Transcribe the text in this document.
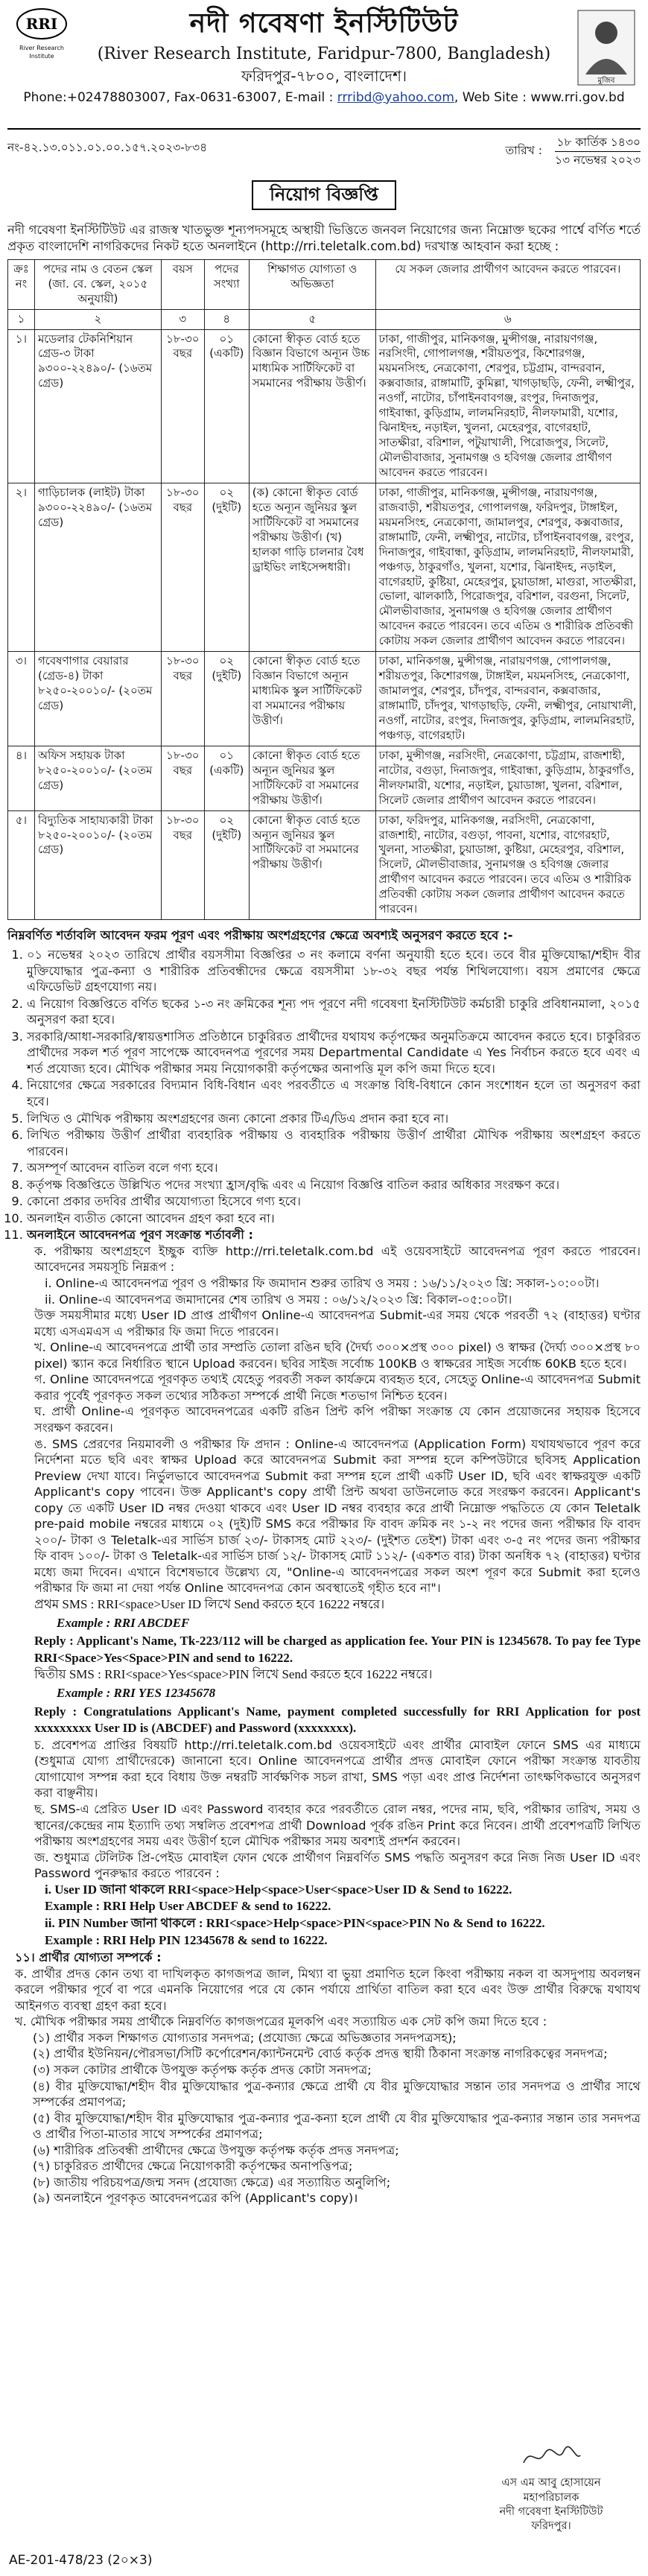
RRI
River Research Institute
মুজিব
নদী গবেষণা ইনস্টিটিউট
(River Research Institute, Faridpur-7800, Bangladesh)
ফরিদপুর-৭৮০০, বাংলাদেশ।
Phone:+02478803007, Fax-0631-63007, E-mail : rrribd@yahoo.com, Web Site : www.rri.gov.bd
নং-৪২.১৩.০১১.০১.০০.১৫৭.২০২৩-৮৩৪	তারিখ :
১৮ কার্তিক ১৪৩০
১৩ নভেম্বর ২০২৩
নিয়োগ বিজ্ঞপ্তি
নদী গবেষণা ইনস্টিটিউট এর রাজস্ব খাতভুক্ত শূন্যপদসমূহে অস্থায়ী ভিত্তিতে জনবল নিয়োগের জন্য নিম্নোক্ত ছকের পার্শ্বে বর্ণিত শর্তে প্রকৃত বাংলাদেশি নাগরিকদের নিকট হতে অনলাইনে (http://rri.teletalk.com.bd) দরখাস্ত আহবান করা হচ্ছে :
ক্রঃ নং	পদের নাম ও বেতন স্কেল (জা. বে. স্কেল, ২০১৫ অনুযায়ী)	বয়স	পদের সংখ্যা	শিক্ষাগত যোগ্যতা ও অভিজ্ঞতা	যে সকল জেলার প্রার্থীগণ আবেদন করতে পারবেন।
১	২	৩	৪	৫	৬
১।	মডেলার টেকনিশিয়ান গ্রেড-৩ টাকা ৯৩০০-২২৪৯০/- (১৬তম গ্রেড)	১৮-৩০ বছর	০১ (একটি)	কোনো স্বীকৃত বোর্ড হতে বিজ্ঞান বিভাগে অন্যূন উচ্চ মাধ্যমিক সার্টিফিকেট বা সমমানের পরীক্ষায় উত্তীর্ণ।	ঢাকা, গাজীপুর, মানিকগঞ্জ, মুন্সীগঞ্জ, নারায়ণগঞ্জ, নরসিংদী, গোপালগঞ্জ, শরীয়তপুর, কিশোরগঞ্জ, ময়মনসিংহ, নেত্রকোণা, শেরপুর, চট্টগ্রাম, বান্দরবান, কক্সবাজার, রাঙ্গামাটি, কুমিল্লা, খাগড়াছড়ি, ফেনী, লক্ষ্মীপুর, নওগাঁ, নাটোর, চাঁপাইনবাবগঞ্জ, রংপুর, দিনাজপুর, গাইবান্ধা, কুড়িগ্রাম, লালমনিরহাট, নীলফামারী, যশোর, ঝিনাইদহ, নড়াইল, খুলনা, মেহেরপুর, বাগেরহাট, সাতক্ষীরা, বরিশাল, পটুয়াখালী, পিরোজপুর, সিলেট, মৌলভীবাজার, সুনামগঞ্জ ও হবিগঞ্জ জেলার প্রার্থীগণ আবেদন করতে পারবেন।
২।	গাড়িচালক (লাইট) টাকা ৯৩০০-২২৪৯০/- (১৬তম গ্রেড)	১৮-৩০ বছর	০২ (দুইটি)	(ক) কোনো স্বীকৃত বোর্ড হতে অন্যূন জুনিয়র স্কুল সার্টিফিকেট বা সমমানের পরীক্ষায় উত্তীর্ণ। (খ) হালকা গাড়ি চালনার বৈধ ড্রাইভিং লাইসেন্সধারী।	ঢাকা, গাজীপুর, মানিকগঞ্জ, মুন্সীগঞ্জ, নারায়ণগঞ্জ, রাজবাড়ী, শরীয়তপুর, গোপালগঞ্জ, ফরিদপুর, টাঙ্গাইল, ময়মনসিংহ, নেত্রকোণা, জামালপুর, শেরপুর, কক্সবাজার, রাঙ্গামাটি, ফেনী, লক্ষ্মীপুর, নাটোর, চাঁপাইনবাবগঞ্জ, রংপুর, দিনাজপুর, গাইবান্ধা, কুড়িগ্রাম, লালমনিরহাট, নীলফামারী, পঞ্চগড়, ঠাকুরগাঁও, খুলনা, যশোর, ঝিনাইদহ, নড়াইল, বাগেরহাট, কুষ্টিয়া, মেহেরপুর, চুয়াডাঙ্গা, মাগুরা, সাতক্ষীরা, ভোলা, ঝালকাঠি, পিরোজপুর, বরিশাল, বরগুনা, সিলেট, মৌলভীবাজার, সুনামগঞ্জ ও হবিগঞ্জ জেলার প্রার্থীগণ আবেদন করতে পারবেন। তবে এতিম ও শারীরিক প্রতিবন্ধী কোটায় সকল জেলার প্রার্থীগণ আবেদন করতে পারবেন।
৩।	গবেষণাগার বেয়ারার (গ্রেড-৪) টাকা ৮২৫০-২০০১০/- (২০তম গ্রেড)	১৮-৩০ বছর	০২ (দুইটি)	কোনো স্বীকৃত বোর্ড হতে বিজ্ঞান বিভাগে অন্যূন মাধ্যমিক স্কুল সার্টিফিকেট বা সমমানের পরীক্ষায় উত্তীর্ণ।	ঢাকা, মানিকগঞ্জ, মুন্সীগঞ্জ, নারায়ণগঞ্জ, গোপালগঞ্জ, শরীয়তপুর, কিশোরগঞ্জ, টাঙ্গাইল, ময়মনসিংহ, নেত্রকোণা, জামালপুর, শেরপুর, চাঁদপুর, বান্দরবান, কক্সবাজার, রাঙ্গামাটি, চাঁদপুর, খাগড়াছড়ি, ফেনী, লক্ষ্মীপুর, নোয়াখালী, নওগাঁ, নাটোর, রংপুর, দিনাজপুর, কুড়িগ্রাম, লালমনিরহাট, পঞ্চগড়, বাগেরহাট।
৪।	অফিস সহায়ক টাকা ৮২৫০-২০০১০/- (২০তম গ্রেড)	১৮-৩০ বছর	০১ (একটি)	কোনো স্বীকৃত বোর্ড হতে অন্যূন জুনিয়র স্কুল সার্টিফিকেট বা সমমানের পরীক্ষায় উত্তীর্ণ।	ঢাকা, মুন্সীগঞ্জ, নরসিংদী, নেত্রকোণা, চট্টগ্রাম, রাজশাহী, নাটোর, বগুড়া, দিনাজপুর, গাইবান্ধা, কুড়িগ্রাম, ঠাকুরগাঁও, নীলফামারী, যশোর, নড়াইল, চুয়াডাঙ্গা, খুলনা, বরিশাল, সিলেট জেলার প্রার্থীগণ আবেদন করতে পারবেন।
৫।	বিদ্যুতিক সাহায্যকারী টাকা ৮২৫০-২০০১০/- (২০তম গ্রেড)	১৮-৩০ বছর	০২ (দুইটি)	কোনো স্বীকৃত বোর্ড হতে অন্যূন জুনিয়র স্কুল সার্টিফিকেট বা সমমানের পরীক্ষায় উত্তীর্ণ।	ঢাকা, ফরিদপুর, মানিকগঞ্জ, নরসিংদী, নেত্রকোণা, রাজশাহী, নাটোর, বগুড়া, পাবনা, যশোর, বাগেরহাট, খুলনা, সাতক্ষীরা, চুয়াডাঙ্গা, কুষ্টিয়া, মেহেরপুর, বরিশাল, সিলেট, মৌলভীবাজার, সুনামগঞ্জ ও হবিগঞ্জ জেলার প্রার্থীগণ আবেদন করতে পারবেন। তবে এতিম ও শারীরিক প্রতিবন্ধী কোটায় সকল জেলার প্রার্থীগণ আবেদন করতে পারবেন।
নিম্নবর্ণিত শর্তাবলি আবেদন ফরম পূরণ এবং পরীক্ষায় অংশগ্রহণের ক্ষেত্রে অবশ্যই অনুসরণ করতে হবে :-
1. ০১ নভেম্বর ২০২৩ তারিখে প্রার্থীর বয়সসীমা বিজ্ঞপ্তির ৩ নং কলামে বর্ণনা অনুযায়ী হতে হবে। তবে বীর মুক্তিযোদ্ধা/শহীদ বীর মুক্তিযোদ্ধার পুত্র-কন্যা ও শারীরিক প্রতিবন্ধীদের ক্ষেত্রে বয়সসীমা ১৮-৩২ বছর পর্যন্ত শিথিলযোগ্য। বয়স প্রমাণের ক্ষেত্রে এফিডেভিট গ্রহণযোগ্য নয়।
2. এ নিয়োগ বিজ্ঞপ্তিতে বর্ণিত ছকের ১-৩ নং ক্রমিকের শূন্য পদ পূরণে নদী গবেষণা ইনস্টিটিউট কর্মচারী চাকুরি প্রবিধানমালা, ২০১৫ অনুসরণ করা হবে।
3. সরকারি/আধা-সরকারি/স্বায়ত্তশাসিত প্রতিষ্ঠানে চাকুরিরত প্রার্থীদের যথাযথ কর্তৃপক্ষের অনুমতিক্রমে আবেদন করতে হবে। চাকুরিরত প্রার্থীদের সকল শর্ত পূরণ সাপেক্ষে আবেদনপত্র পূরণের সময় Departmental Candidate এ Yes নির্বাচন করতে হবে এবং এ শর্ত প্রযোজ্য হবে। মৌখিক পরীক্ষার সময় নিয়োগকারী কর্তৃপক্ষের অনাপত্তি মূল কপি জমা দিতে হবে।
4. নিয়োগের ক্ষেত্রে সরকারের বিদ্যমান বিধি-বিধান এবং পরবর্তীতে এ সংক্রান্ত বিধি-বিধানে কোন সংশোধন হলে তা অনুসরণ করা হবে।
5. লিখিত ও মৌখিক পরীক্ষায় অংশগ্রহণের জন্য কোনো প্রকার টিএ/ডিএ প্রদান করা হবে না।
6. লিখিত পরীক্ষায় উত্তীর্ণ প্রার্থীরা ব্যবহারিক পরীক্ষায় ও ব্যবহারিক পরীক্ষায় উত্তীর্ণ প্রার্থীরা মৌখিক পরীক্ষায় অংশগ্রহণ করতে পারবেন।
7. অসম্পূর্ণ আবেদন বাতিল বলে গণ্য হবে।
8. কর্তৃপক্ষ বিজ্ঞপ্তিতে উল্লিখিত পদের সংখ্যা হ্রাস/বৃদ্ধি এবং এ নিয়োগ বিজ্ঞপ্তি বাতিল করার অধিকার সংরক্ষণ করে।
9. কোনো প্রকার তদবির প্রার্থীর অযোগ্যতা হিসেবে গণ্য হবে।
10. অনলাইন ব্যতীত কোনো আবেদন গ্রহণ করা হবে না।
11. অনলাইনে আবেদনপত্র পূরণ সংক্রান্ত শর্তাবলী :
ক. পরীক্ষায় অংশগ্রহণে ইচ্ছুক ব্যক্তি http://rri.teletalk.com.bd এই ওয়েবসাইটে আবেদনপত্র পূরণ করতে পারবেন। আবেদনের সময়সূচি নিম্নরূপ :
i. Online-এ আবেদনপত্র পূরণ ও পরীক্ষার ফি জমাদান শুরুর তারিখ ও সময় : ১৬/১১/২০২৩ খ্রি: সকাল-১০:০০টা।
ii. Online-এ আবেদনপত্র জমাদানের শেষ তারিখ ও সময় : ০৬/১২/২০২৩ খ্রি: বিকাল-০৫:০০টা।
উক্ত সময়সীমার মধ্যে User ID প্রাপ্ত প্রার্থীগণ Online-এ আবেদনপত্র Submit-এর সময় থেকে পরবর্তী ৭২ (বাহাত্তর) ঘণ্টার মধ্যে এসএমএস এ পরীক্ষার ফি জমা দিতে পারবেন।
খ. Online-এ আবেদনপত্রে প্রার্থী তার সম্প্রতি তোলা রঙিন ছবি (দৈর্ঘ্য ৩০০×প্রস্থ ৩০০ pixel) ও স্বাক্ষর (দৈর্ঘ্য ৩০০×প্রস্থ ৮০ pixel) স্ক্যান করে নির্ধারিত স্থানে Upload করবেন। ছবির সাইজ সর্বোচ্চ 100KB ও স্বাক্ষরের সাইজ সর্বোচ্চ 60KB হতে হবে।
গ. Online আবেদনপত্রে পূরণকৃত তথ্যই যেহেতু পরবর্তী সকল কার্যক্রমে ব্যবহৃত হবে, সেহেতু Online-এ আবেদনপত্র Submit করার পূর্বেই পূরণকৃত সকল তথ্যের সঠিকতা সম্পর্কে প্রার্থী নিজে শতভাগ নিশ্চিত হবেন।
ঘ. প্রার্থী Online-এ পূরণকৃত আবেদনপত্রের একটি রঙিন প্রিন্ট কপি পরীক্ষা সংক্রান্ত যে কোন প্রয়োজনের সহায়ক হিসেবে সংরক্ষণ করবেন।
ঙ. SMS প্রেরণের নিয়মাবলী ও পরীক্ষার ফি প্রদান : Online-এ আবেদনপত্র (Application Form) যথাযথভাবে পূরণ করে নির্দেশনা মতে ছবি এবং স্বাক্ষর Upload করে আবেদনপত্র Submit করা সম্পন্ন হলে কম্পিউটারে ছবিসহ Application Preview দেখা যাবে। নির্ভুলভাবে আবেদনপত্র Submit করা সম্পন্ন হলে প্রার্থী একটি User ID, ছবি এবং স্বাক্ষরযুক্ত একটি Applicant's copy পাবেন। উক্ত Applicant's copy প্রার্থী প্রিন্ট অথবা ডাউনলোড করে সংরক্ষণ করবেন। Applicant's copy তে একটি User ID নম্বর দেওয়া থাকবে এবং User ID নম্বর ব্যবহার করে প্রার্থী নিম্নোক্ত পদ্ধতিতে যে কোন Teletalk pre-paid mobile নম্বরের মাধ্যমে ০২ (দুই)টি SMS করে পরীক্ষার ফি বাবদ ক্রমিক নং ১-২ নং পদের জন্য পরীক্ষার ফি বাবদ ২০০/- টাকা ও Teletalk-এর সার্ভিস চার্জ ২৩/- টাকাসহ মোট ২২৩/- (দুইশত তেইশ) টাকা এবং ৩-৫ নং পদের জন্য পরীক্ষার ফি বাবদ ১০০/- টাকা ও Teletalk-এর সার্ভিস চার্জ ১২/- টাকাসহ মোট ১১২/- (একশত বার) টাকা অনধিক ৭২ (বাহাত্তর) ঘণ্টার মধ্যে জমা দিবেন। এখানে বিশেষভাবে উল্লেখ্য যে, "Online-এ আবেদনপত্রের সকল অংশ পূরণ করে Submit করা হলেও পরীক্ষার ফি জমা না দেয়া পর্যন্ত Online আবেদনপত্র কোন অবস্থাতেই গৃহীত হবে না"।
প্রথম SMS : RRI<space>User ID লিখে Send করতে হবে 16222 নম্বরে।
Example : RRI ABCDEF
Reply : Applicant's Name, Tk-223/112 will be charged as application fee. Your PIN is 12345678. To pay fee Type RRI<Space>Yes<Space>PIN and send to 16222.
দ্বিতীয় SMS : RRI<space>Yes<space>PIN লিখে Send করতে হবে 16222 নম্বরে।
Example : RRI YES 12345678
Reply : Congratulations Applicant's Name, payment completed successfully for RRI Application for post xxxxxxxxx User ID is (ABCDEF) and Password (xxxxxxxx).
চ. প্রবেশপত্র প্রাপ্তির বিষয়টি http://rri.teletalk.com.bd ওয়েবসাইটে এবং প্রার্থীর মোবাইল ফোনে SMS এর মাধ্যমে (শুধুমাত্র যোগ্য প্রার্থীদেরকে) জানানো হবে। Online আবেদনপত্রে প্রার্থীর প্রদত্ত মোবাইল ফোনে পরীক্ষা সংক্রান্ত যাবতীয় যোগাযোগ সম্পন্ন করা হবে বিধায় উক্ত নম্বরটি সার্বক্ষণিক সচল রাখা, SMS পড়া এবং প্রাপ্ত নির্দেশনা তাৎক্ষণিকভাবে অনুসরণ করা বাঞ্ছনীয়।
ছ. SMS-এ প্রেরিত User ID এবং Password ব্যবহার করে পরবর্তীতে রোল নম্বর, পদের নাম, ছবি, পরীক্ষার তারিখ, সময় ও স্থানের/কেন্দ্রের নাম ইত্যাদি তথ্য সম্বলিত প্রবেশপত্র প্রার্থী Download পূর্বক রঙিন Print করে নিবেন। প্রার্থী প্রবেশপত্রটি লিখিত পরীক্ষায় অংশগ্রহণের সময় এবং উত্তীর্ণ হলে মৌখিক পরীক্ষার সময় অবশ্যই প্রদর্শন করবেন।
জ. শুধুমাত্র টেলিটক প্রি-পেইড মোবাইল ফোন থেকে প্রার্থীগণ নিম্নবর্ণিত SMS পদ্ধতি অনুসরণ করে নিজ নিজ User ID এবং Password পুনরুদ্ধার করতে পারবেন :
i. User ID জানা থাকলে RRI<space>Help<space>User<space>User ID & Send to 16222.
Example : RRI Help User ABCDEF & send to 16222.
ii. PIN Number জানা থাকলে : RRI<space>Help<space>PIN<space>PIN No & Send to 16222.
Example : RRI Help PIN 12345678 & send to 16222.
১১। প্রার্থীর যোগ্যতা সম্পর্কে :
ক. প্রার্থীর প্রদত্ত কোন তথ্য বা দাখিলকৃত কাগজপত্র জাল, মিথ্যা বা ভুয়া প্রমাণিত হলে কিংবা পরীক্ষায় নকল বা অসদুপায় অবলম্বন করলে পরীক্ষার পূর্বে বা পরে এমনকি নিয়োগের পরে যে কোন পর্যায়ে প্রার্থিতা বাতিল করা হবে এবং উক্ত প্রার্থীর বিরুদ্ধে যথাযথ আইনগত ব্যবস্থা গ্রহণ করা হবে।
খ. মৌখিক পরীক্ষার সময় প্রার্থীকে নিম্নবর্ণিত কাগজপত্রের মূলকপি এবং সত্যায়িত এক সেট কপি জমা দিতে হবে :
(১) প্রার্থীর সকল শিক্ষাগত যোগ্যতার সনদপত্র; (প্রযোজ্য ক্ষেত্রে অভিজ্ঞতার সনদপত্রসহ);
(২) প্রার্থীর ইউনিয়ন/পৌরসভা/সিটি কর্পোরেশন/ক্যান্টনমেন্ট বোর্ড কর্তৃক প্রদত্ত স্থায়ী ঠিকানা সংক্রান্ত নাগরিকত্বের সনদপত্র;
(৩) সকল কোটার প্রার্থীকে উপযুক্ত কর্তৃপক্ষ কর্তৃক প্রদত্ত কোটা সনদপত্র;
(৪) বীর মুক্তিযোদ্ধা/শহীদ বীর মুক্তিযোদ্ধার পুত্র-কন্যার ক্ষেত্রে প্রার্থী যে বীর মুক্তিযোদ্ধার সন্তান তার সনদপত্র ও প্রার্থীর সাথে সম্পর্কের প্রমাণপত্র;
(৫) বীর মুক্তিযোদ্ধা/শহীদ বীর মুক্তিযোদ্ধার পুত্র-কন্যার পুত্র-কন্যা হলে প্রার্থী যে বীর মুক্তিযোদ্ধার পুত্র-কন্যার সন্তান তার সনদপত্র ও প্রার্থীর পিতা-মাতার সাথে সম্পর্কের প্রমাণপত্র;
(৬) শারীরিক প্রতিবন্ধী প্রার্থীদের ক্ষেত্রে উপযুক্ত কর্তৃপক্ষ কর্তৃক প্রদত্ত সনদপত্র;
(৭) চাকুরিরত প্রার্থীদের ক্ষেত্রে নিয়োগকারী কর্তৃপক্ষের অনাপত্তিপত্র;
(৮) জাতীয় পরিচয়পত্র/জন্ম সনদ (প্রযোজ্য ক্ষেত্রে) এর সত্যায়িত অনুলিপি;
(৯) অনলাইনে পূরণকৃত আবেদনপত্রের কপি (Applicant's copy)।
এস এম আবু হোসায়েন
মহাপরিচালক
নদী গবেষণা ইনস্টিটিউট
ফরিদপুর।
AE-201-478/23 (2০×3)
